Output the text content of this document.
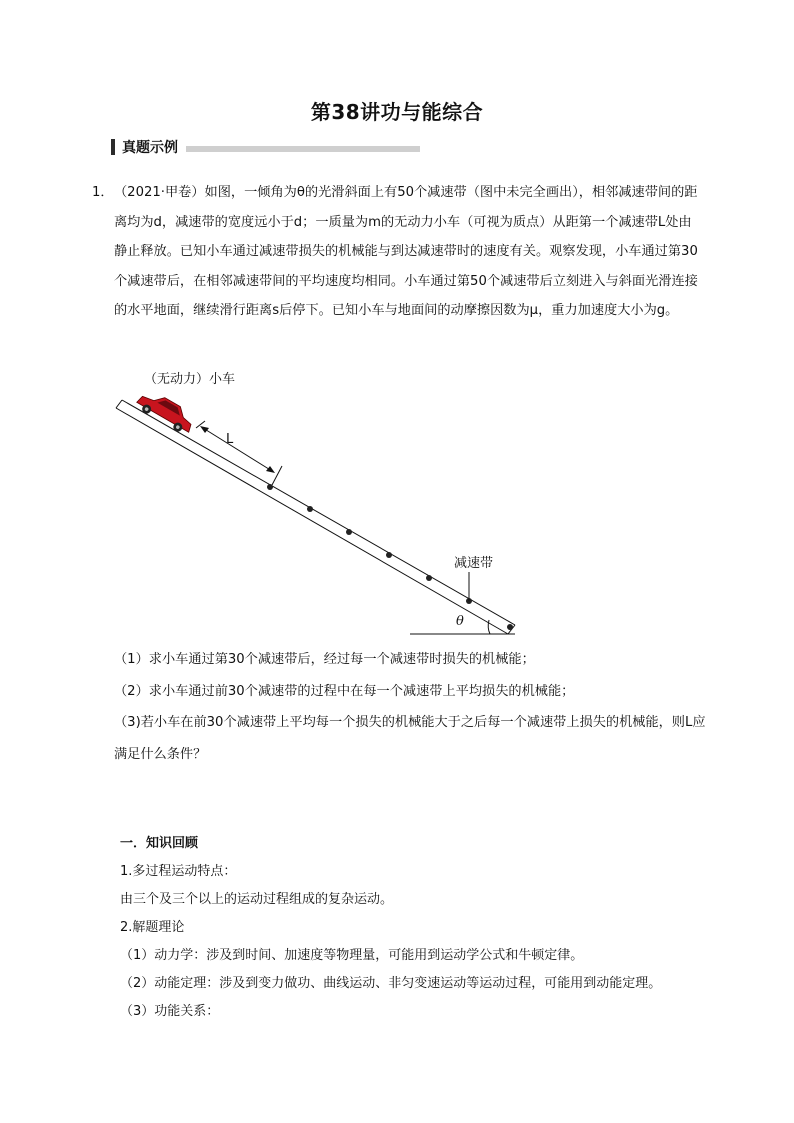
第38讲功与能综合
真题示例
1． （2021·甲卷）如图，一倾角为θ的光滑斜面上有50个减速带（图中未完全画出），相邻减速带间的距离均为d，减速带的宽度远小于d；一质量为m的无动力小车（可视为质点）从距第一个减速带L处由静止释放。已知小车通过减速带损失的机械能与到达减速带时的速度有关。观察发现，小车通过第30个减速带后，在相邻减速带间的平均速度均相同。小车通过第50个减速带后立刻进入与斜面光滑连接的水平地面，继续滑行距离s后停下。已知小车与地面间的动摩擦因数为μ，重力加速度大小为g。
（无动力）小车
θ
减速带
L
（1）求小车通过第30个减速带后，经过每一个减速带时损失的机械能；
（2）求小车通过前30个减速带的过程中在每一个减速带上平均损失的机械能；
（3)若小车在前30个减速带上平均每一个损失的机械能大于之后每一个减速带上损失的机械能，则L应满足什么条件？
一．知识回顾
1.多过程运动特点：
由三个及三个以上的运动过程组成的复杂运动。
2.解题理论
（1）动力学：涉及到时间、加速度等物理量，可能用到运动学公式和牛顿定律。
（2）动能定理：涉及到变力做功、曲线运动、非匀变速运动等运动过程，可能用到动能定理。
（3）功能关系：
